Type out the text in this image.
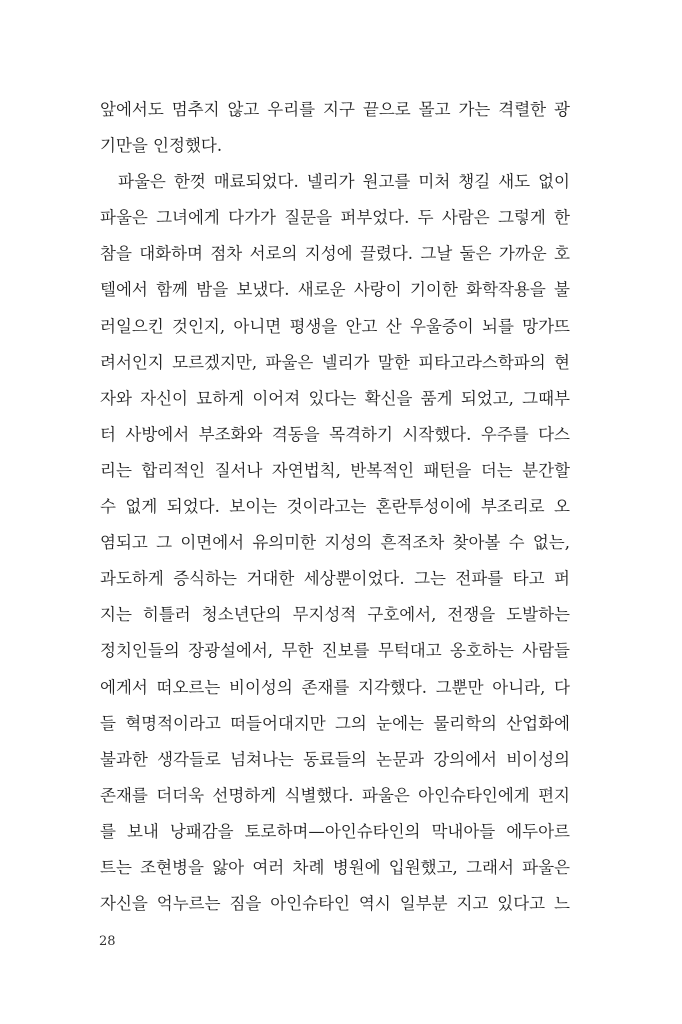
앞에서도 멈추지 않고 우리를 지구 끝으로 몰고 가는 격렬한 광
기만을 인정했다.
파울은 한껏 매료되었다. 넬리가 원고를 미처 챙길 새도 없이
파울은 그녀에게 다가가 질문을 퍼부었다. 두 사람은 그렇게 한
참을 대화하며 점차 서로의 지성에 끌렸다. 그날 둘은 가까운 호
텔에서 함께 밤을 보냈다. 새로운 사랑이 기이한 화학작용을 불
러일으킨 것인지, 아니면 평생을 안고 산 우울증이 뇌를 망가뜨
려서인지 모르겠지만, 파울은 넬리가 말한 피타고라스학파의 현
자와 자신이 묘하게 이어져 있다는 확신을 품게 되었고, 그때부
터 사방에서 부조화와 격동을 목격하기 시작했다. 우주를 다스
리는 합리적인 질서나 자연법칙, 반복적인 패턴을 더는 분간할
수 없게 되었다. 보이는 것이라고는 혼란투성이에 부조리로 오
염되고 그 이면에서 유의미한 지성의 흔적조차 찾아볼 수 없는,
과도하게 증식하는 거대한 세상뿐이었다. 그는 전파를 타고 퍼
지는 히틀러 청소년단의 무지성적 구호에서, 전쟁을 도발하는
정치인들의 장광설에서, 무한 진보를 무턱대고 옹호하는 사람들
에게서 떠오르는 비이성의 존재를 지각했다. 그뿐만 아니라, 다
들 혁명적이라고 떠들어대지만 그의 눈에는 물리학의 산업화에
불과한 생각들로 넘쳐나는 동료들의 논문과 강의에서 비이성의
존재를 더더욱 선명하게 식별했다. 파울은 아인슈타인에게 편지
를 보내 낭패감을 토로하며—아인슈타인의 막내아들 에두아르
트는 조현병을 앓아 여러 차례 병원에 입원했고, 그래서 파울은
자신을 억누르는 짐을 아인슈타인 역시 일부분 지고 있다고 느
28
